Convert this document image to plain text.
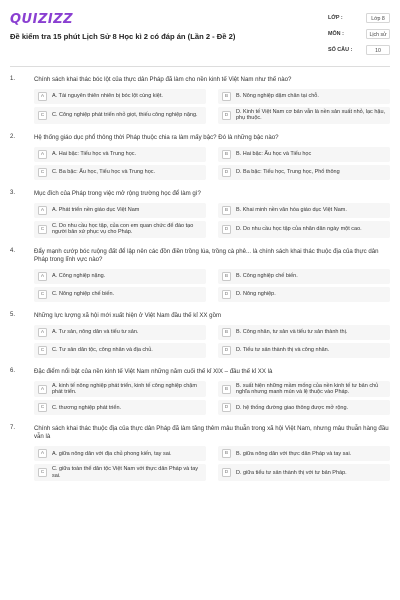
QUIZIZZ
Đề kiểm tra 15 phút Lịch Sử 8 Học kì 2 có đáp án (Lần 2 - Đề 2)
LỚP :	Lớp 8
MÔN :	Lịch sử
SỐ CÂU :	10
1.	Chính sách khai thác bóc lột của thực dân Pháp đã làm cho nền kinh tế Việt Nam như thế nào?
A	A. Tài nguyên thiên nhiên bị bóc lột cùng kiệt.	B	B. Nông nghiệp dậm chân tại chỗ.
C	C. Công nghiệp phát triển nhỏ giọt, thiếu công nghiệp nặng.	D
D. Kinh tế Việt Nam cơ bản vẫn là nền sản xuất nhỏ, lạc hậu, phụ thuộc.
2.	Hệ thống giáo dục phổ thông thời Pháp thuộc chia ra làm mấy bậc? Đó là những bậc nào?
A	A. Hai bậc: Tiểu học và Trung học.	B	B. Hai bậc: Ấu học và Tiểu học
C	C. Ba bậc: Ấu học, Tiểu học và Trung học.	D	D. Ba bậc: Tiểu học, Trung học, Phổ thông
3.	Mục đích của Pháp trong việc mở rộng trường học để làm gì?
A	A. Phát triển nền giáo dục Việt Nam	B	B. Khai minh nền văn hóa giáo dục Việt Nam.
C
C. Do nhu cầu học tập, của con em quan chức để đào tạo người bản xứ phục vụ cho Pháp.	D	D. Do nhu cầu học tập của nhân dân ngày một cao.
4.	Đẩy mạnh cướp bóc ruộng đất để lập nên các đồn điền trồng lúa, trồng cà phê... là chính sách khai thác thuộc địa của thực dân Pháp trong lĩnh vực nào?
A	A. Công nghiệp nặng.	B	B. Công nghiệp chế biến.
C	C. Nông nghiệp chế biến.	D	D. Nông nghiệp.
5.	Những lực lượng xã hội mới xuất hiện ở Việt Nam đầu thế kỉ XX gồm
A	A. Tư sản, nông dân và tiểu tư sản.	B	B. Công nhân, tư sản và tiểu tư sản thành thị.
C	C. Tư sản dân tộc, công nhân và địa chủ.	D	D. Tiểu tư sản thành thị và công nhân.
6.	Đặc điểm nổi bật của nền kinh tế Việt Nam những năm cuối thế kỉ XIX – đầu thế kỉ XX là
A
A. kinh tế nông nghiệp phát triển, kinh tế công nghiệp chậm phát triển.	B
B. xuất hiện những mầm mống của nền kinh tế tư bản chủ nghĩa nhưng manh mún và lệ thuộc vào Pháp.
C	C. thương nghiệp phát triển.	D	D. hệ thống đường giao thông được mở rộng.
7.	Chính sách khai thác thuộc địa của thực dân Pháp đã làm tăng thêm mâu thuẫn trong xã hội Việt Nam, nhưng mâu thuẫn hàng đầu vẫn là
A	A. giữa nông dân với địa chủ phong kiến, tay sai.	B	B. giữa nông dân với thực dân Pháp và tay sai.
C
C. giữa toàn thể dân tộc Việt Nam với thực dân Pháp và tay sai.	D	D. giữa tiểu tư sản thành thị với tư bản Pháp.
